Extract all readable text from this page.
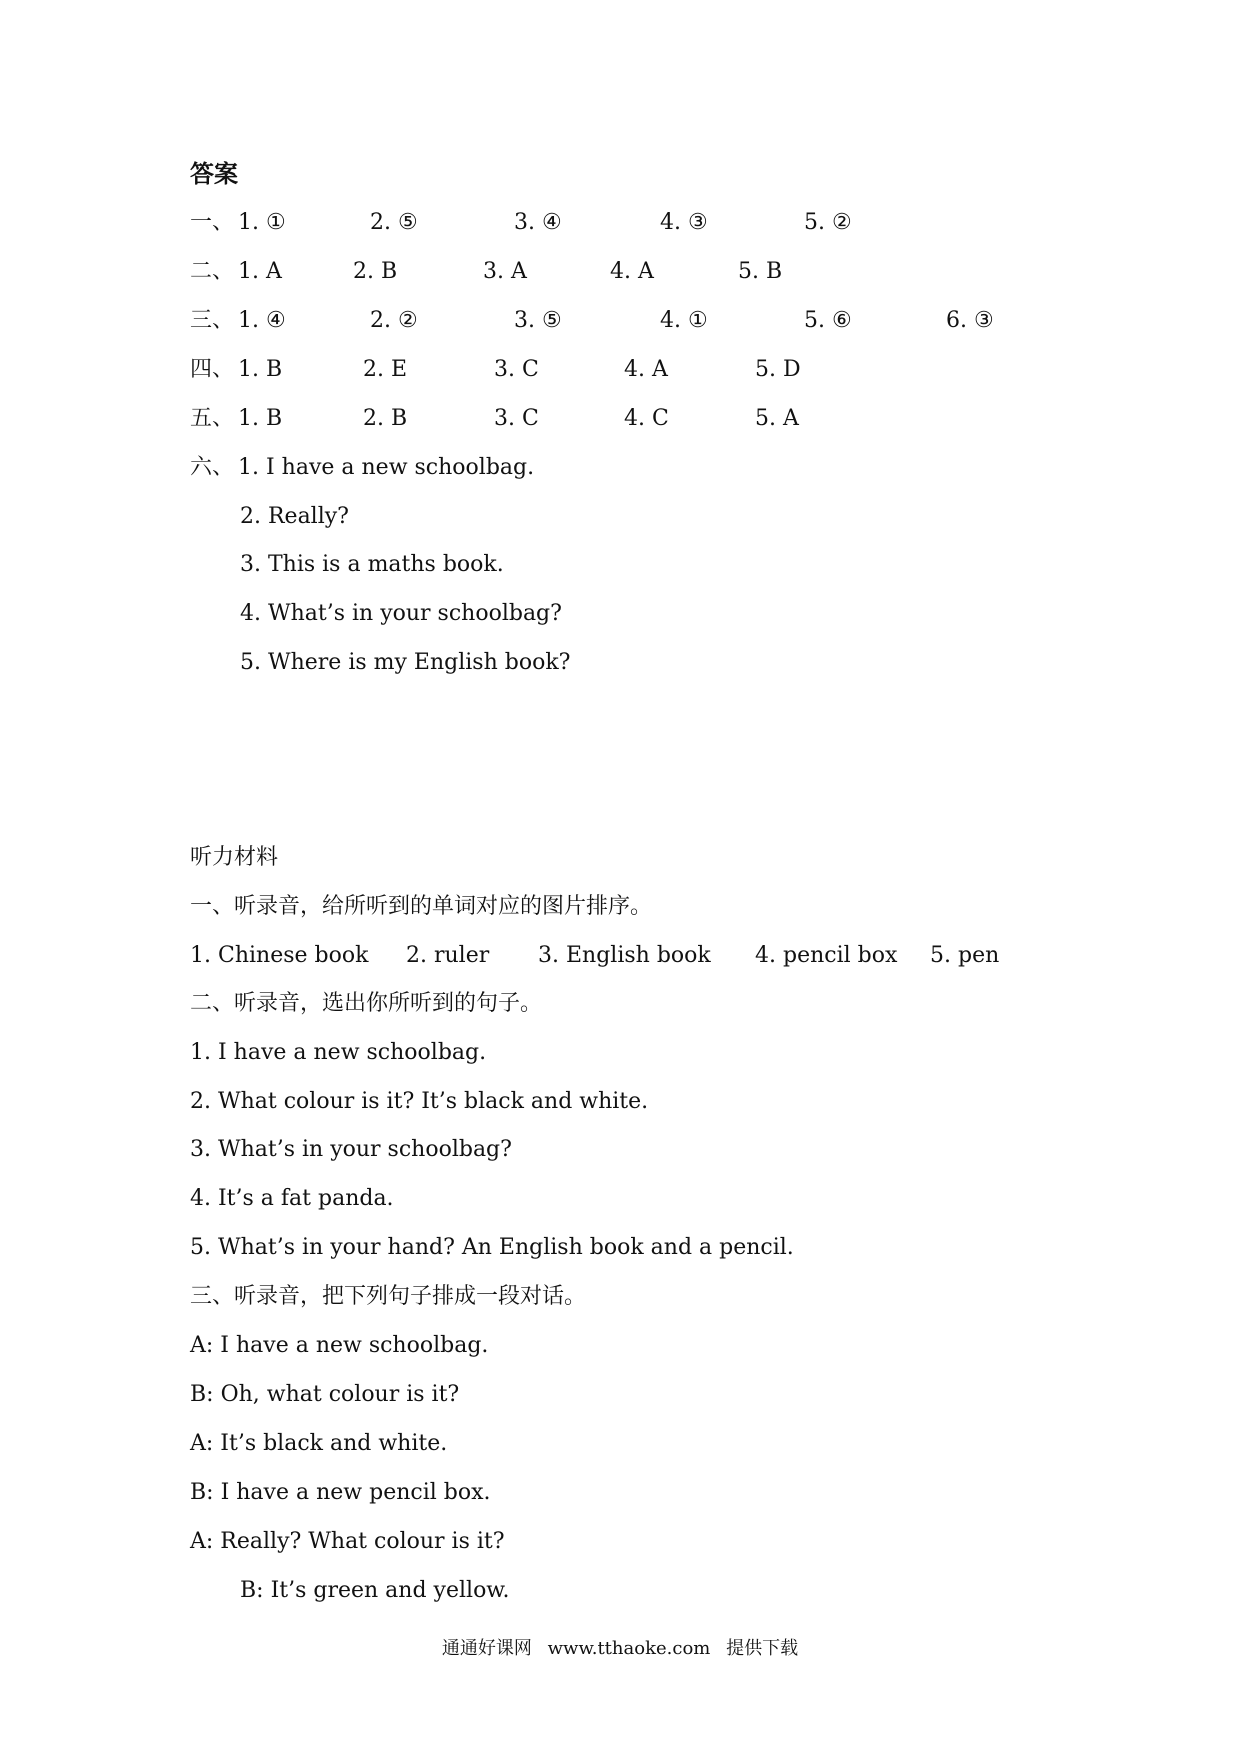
答案
一、 1. ①	2. ⑤	3. ④	4. ③	5. ②
二、 1. A	2. B	3. A	4. A	5. B
三、 1. ④	2. ②	3. ⑤	4. ①	5. ⑥	6. ③
四、 1. B	2. E	3. C	4. A	5. D
五、 1. B	2. B	3. C	4. C	5. A
六、 1. I have a new schoolbag.
2. Really?
3. This is a maths book.
4. What’s in your schoolbag?
5. Where is my English book?
听力材料
一、听录音，给所听到的单词对应的图片排序。
1. Chinese book 2. ruler 3. English book 4. pencil box 5. pen
二、听录音，选出你所听到的句子。
1. I have a new schoolbag.
2. What colour is it? It’s black and white.
3. What’s in your schoolbag?
4. It’s a fat panda.
5. What’s in your hand? An English book and a pencil.
三、听录音，把下列句子排成一段对话。
A: I have a new schoolbag.
B: Oh, what colour is it?
A: It’s black and white.
B: I have a new pencil box.
A: Really? What colour is it?
B: It’s green and yellow.
通通好课网 www.tthaoke.com 提供下载
